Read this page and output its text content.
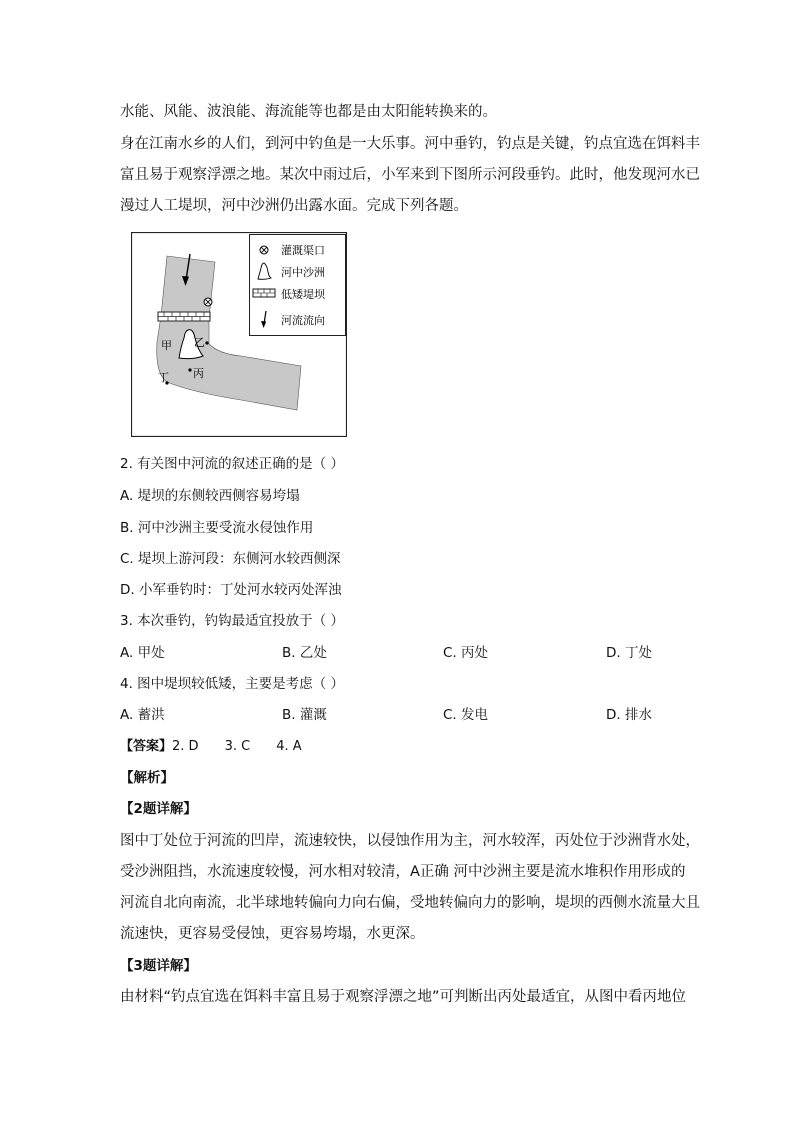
水能、风能、波浪能、海流能等也都是由太阳能转换来的。
身在江南水乡的人们，到河中钓鱼是一大乐事。河中垂钓，钓点是关键，钓点宜选在饵料丰
富且易于观察浮漂之地。某次中雨过后，小军来到下图所示河段垂钓。此时，他发现河水已
漫过人工堤坝，河中沙洲仍出露水面。完成下列各题。
甲 乙
丙
丁
灌溉渠口
河中沙洲
低矮堤坝
河流流向
2. 有关图中河流的叙述正确的是（ ）
A. 堤坝的东侧较西侧容易垮塌
B. 河中沙洲主要受流水侵蚀作用
C. 堤坝上游河段：东侧河水较西侧深
D. 小军垂钓时：丁处河水较丙处浑浊
3. 本次垂钓，钓钩最适宜投放于（ ）
A. 甲处	B. 乙处	C. 丙处	D. 丁处
4. 图中堤坝较低矮，主要是考虑（ ）
A. 蓄洪	B. 灌溉	C. 发电	D. 排水
【答案】2. D 3. C 4. A
【解析】
【2题详解】
图中丁处位于河流的凹岸，流速较快，以侵蚀作用为主，河水较浑，丙处位于沙洲背水处，
受沙洲阻挡，水流速度较慢，河水相对较清，A正确 河中沙洲主要是流水堆积作用形成的
河流自北向南流，北半球地转偏向力向右偏，受地转偏向力的影响，堤坝的西侧水流量大且
流速快，更容易受侵蚀，更容易垮塌，水更深。
【3题详解】
由材料“钓点宜选在饵料丰富且易于观察浮漂之地”可判断出丙处最适宜，从图中看丙地位
